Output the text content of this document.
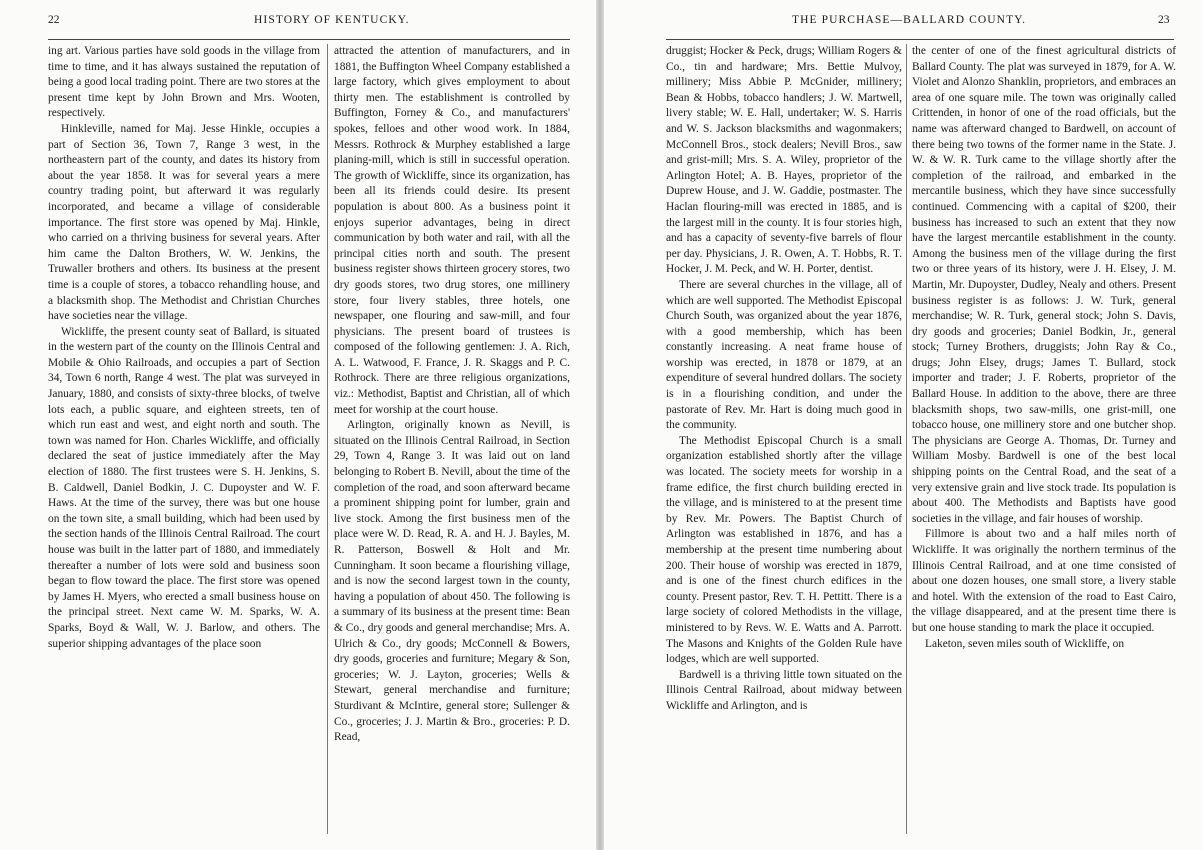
22	HISTORY OF KENTUCKY.

ing art. Various parties have sold goods in the village from time to time, and it has always sustained the reputation of being a good local trading point. There are two stores at the present time kept by John Brown and Mrs. Wooten, respectively.

Hinkleville, named for Maj. Jesse Hinkle, occupies a part of Section 36, Town 7, Range 3 west, in the northeastern part of the county, and dates its history from about the year 1858. It was for several years a mere country trading point, but afterward it was regularly incorporated, and became a village of considerable importance. The first store was opened by Maj. Hinkle, who carried on a thriving business for several years. After him came the Dalton Brothers, W. W. Jenkins, the Truwaller brothers and others. Its business at the present time is a couple of stores, a tobacco rehandling house, and a blacksmith shop. The Methodist and Christian Churches have societies near the village.

Wickliffe, the present county seat of Ballard, is situated in the western part of the county on the Illinois Central and Mobile & Ohio Railroads, and occupies a part of Section 34, Town 6 north, Range 4 west. The plat was surveyed in January, 1880, and consists of sixty-three blocks, of twelve lots each, a public square, and eighteen streets, ten of which run east and west, and eight north and south. The town was named for Hon. Charles Wickliffe, and officially declared the seat of justice immediately after the May election of 1880. The first trustees were S. H. Jenkins, S. B. Caldwell, Daniel Bodkin, J. C. Dupoyster and W. F. Haws. At the time of the survey, there was but one house on the town site, a small building, which had been used by the section hands of the Illinois Central Railroad. The court house was built in the latter part of 1880, and immediately thereafter a number of lots were sold and business soon began to flow toward the place. The first store was opened by James H. Myers, who erected a small business house on the principal street. Next came W. M. Sparks, W. A. Sparks, Boyd & Wall, W. J. Barlow, and others. The superior shipping advantages of the place soon

attracted the attention of manufacturers, and in 1881, the Buffington Wheel Company established a large factory, which gives employment to about thirty men. The establishment is controlled by Buffington, Forney & Co., and manufacturers' spokes, felloes and other wood work. In 1884, Messrs. Rothrock & Murphey established a large planing-mill, which is still in successful operation. The growth of Wickliffe, since its organization, has been all its friends could desire. Its present population is about 800. As a business point it enjoys superior advantages, being in direct communication by both water and rail, with all the principal cities north and south. The present business register shows thirteen grocery stores, two dry goods stores, two drug stores, one millinery store, four livery stables, three hotels, one newspaper, one flouring and saw-mill, and four physicians. The present board of trustees is composed of the following gentlemen: J. A. Rich, A. L. Watwood, F. France, J. R. Skaggs and P. C. Rothrock. There are three religious organizations, viz.: Methodist, Baptist and Christian, all of which meet for worship at the court house.

Arlington, originally known as Nevill, is situated on the Illinois Central Railroad, in Section 29, Town 4, Range 3. It was laid out on land belonging to Robert B. Nevill, about the time of the completion of the road, and soon afterward became a prominent shipping point for lumber, grain and live stock. Among the first business men of the place were W. D. Read, R. A. and H. J. Bayles, M. R. Patterson, Boswell & Holt and Mr. Cunningham. It soon became a flourishing village, and is now the second largest town in the county, having a population of about 450. The following is a summary of its business at the present time: Bean & Co., dry goods and general merchandise; Mrs. A. Ulrich & Co., dry goods; McConnell & Bowers, dry goods, groceries and furniture; Megary & Son, groceries; W. J. Layton, groceries; Wells & Stewart, general merchandise and furniture; Sturdivant & McIntire, general store; Sullenger & Co., groceries; J. J. Martin & Bro., groceries: P. D. Read,

THE PURCHASE—BALLARD COUNTY.	23

druggist; Hocker & Peck, drugs; William Rogers & Co., tin and hardware; Mrs. Bettie Mulvoy, millinery; Miss Abbie P. McGnider, millinery; Bean & Hobbs, tobacco handlers; J. W. Martwell, livery stable; W. E. Hall, undertaker; W. S. Harris and W. S. Jackson blacksmiths and wagonmakers; McConnell Bros., stock dealers; Nevill Bros., saw and grist-mill; Mrs. S. A. Wiley, proprietor of the Arlington Hotel; A. B. Hayes, proprietor of the Duprew House, and J. W. Gaddie, postmaster. The Haclan flouring-mill was erected in 1885, and is the largest mill in the county. It is four stories high, and has a capacity of seventy-five barrels of flour per day. Physicians, J. R. Owen, A. T. Hobbs, R. T. Hocker, J. M. Peck, and W. H. Porter, dentist.

There are several churches in the village, all of which are well supported. The Methodist Episcopal Church South, was organized about the year 1876, with a good membership, which has been constantly increasing. A neat frame house of worship was erected, in 1878 or 1879, at an expenditure of several hundred dollars. The society is in a flourishing condition, and under the pastorate of Rev. Mr. Hart is doing much good in the community.

The Methodist Episcopal Church is a small organization established shortly after the village was located. The society meets for worship in a frame edifice, the first church building erected in the village, and is ministered to at the present time by Rev. Mr. Powers. The Baptist Church of Arlington was established in 1876, and has a membership at the present time numbering about 200. Their house of worship was erected in 1879, and is one of the finest church edifices in the county. Present pastor, Rev. T. H. Pettitt. There is a large society of colored Methodists in the village, ministered to by Revs. W. E. Watts and A. Parrott. The Masons and Knights of the Golden Rule have lodges, which are well supported.

Bardwell is a thriving little town situated on the Illinois Central Railroad, about midway between Wickliffe and Arlington, and is

the center of one of the finest agricultural districts of Ballard County. The plat was surveyed in 1879, for A. W. Violet and Alonzo Shanklin, proprietors, and embraces an area of one square mile. The town was originally called Crittenden, in honor of one of the road officials, but the name was afterward changed to Bardwell, on account of there being two towns of the former name in the State. J. W. & W. R. Turk came to the village shortly after the completion of the railroad, and embarked in the mercantile business, which they have since successfully continued. Commencing with a capital of $200, their business has increased to such an extent that they now have the largest mercantile establishment in the county. Among the business men of the village during the first two or three years of its history, were J. H. Elsey, J. M. Martin, Mr. Dupoyster, Dudley, Nealy and others. Present business register is as follows: J. W. Turk, general merchandise; W. R. Turk, general stock; John S. Davis, dry goods and groceries; Daniel Bodkin, Jr., general stock; Turney Brothers, druggists; John Ray & Co., drugs; John Elsey, drugs; James T. Bullard, stock importer and trader; J. F. Roberts, proprietor of the Ballard House. In addition to the above, there are three blacksmith shops, two saw-mills, one grist-mill, one tobacco house, one millinery store and one butcher shop. The physicians are George A. Thomas, Dr. Turney and William Mosby. Bardwell is one of the best local shipping points on the Central Road, and the seat of a very extensive grain and live stock trade. Its population is about 400. The Methodists and Baptists have good societies in the village, and fair houses of worship.

Fillmore is about two and a half miles north of Wickliffe. It was originally the northern terminus of the Illinois Central Railroad, and at one time consisted of about one dozen houses, one small store, a livery stable and hotel. With the extension of the road to East Cairo, the village disappeared, and at the present time there is but one house standing to mark the place it occupied.

Laketon, seven miles south of Wickliffe, on
